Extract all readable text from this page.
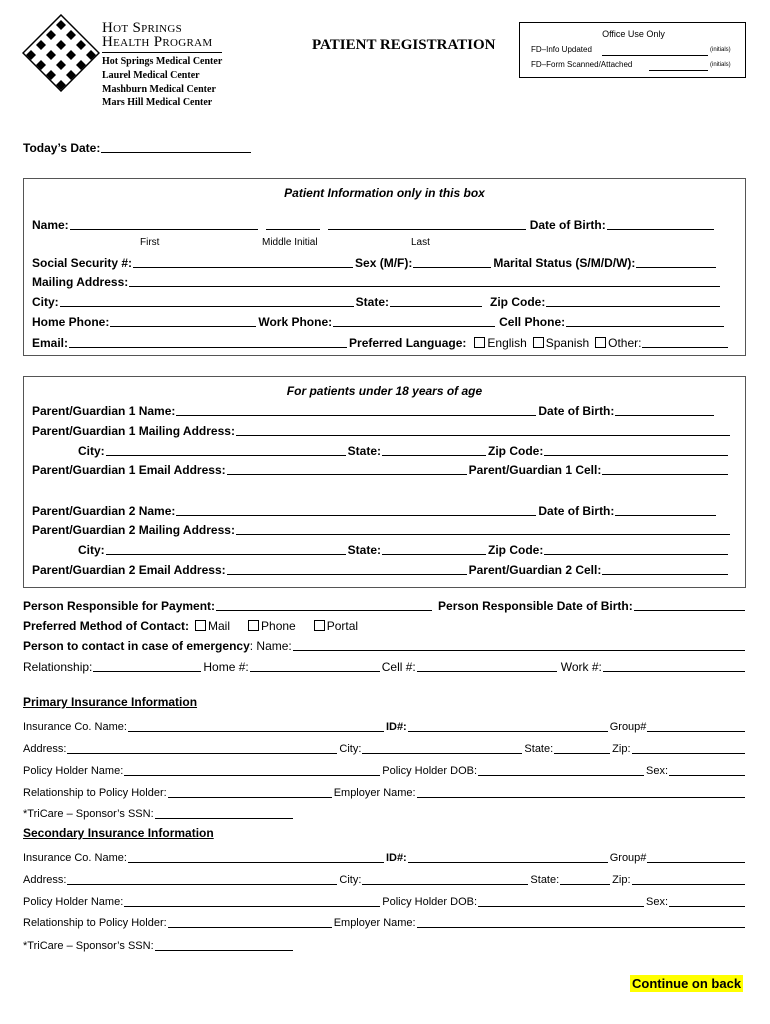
Hot Springs
Health Program
Hot Springs Medical Center
Laurel Medical Center
Mashburn Medical Center
Mars Hill Medical Center
PATIENT REGISTRATION
Office Use Only
FD–Info Updated	(initials)
FD–Form Scanned/Attached	(initials)
Today’s Date:
Patient Information only in this box
Name:	Date of Birth:
First	Middle Initial	Last
Social Security #:	Sex (M/F):	Marital Status (S/M/D/W):
Mailing Address:
City:	State:	Zip Code:
Home Phone:	Work Phone:	Cell Phone:
Email:	Preferred Language:	English	Spanish	Other:
For patients under 18 years of age
Parent/Guardian 1 Name:	Date of Birth:
Parent/Guardian 1 Mailing Address:
City:	State:	Zip Code:
Parent/Guardian 1 Email Address:	Parent/Guardian 1 Cell:
Parent/Guardian 2 Name:	Date of Birth:
Parent/Guardian 2 Mailing Address:
City:	State:	Zip Code:
Parent/Guardian 2 Email Address:	Parent/Guardian 2 Cell:
Person Responsible for Payment:	Person Responsible Date of Birth:
Preferred Method of Contact:	Mail	Phone	Portal
Person to contact in case of emergency : Name:
Relationship:	Home #:	Cell #:	Work #:
Primary Insurance Information
Insurance Co. Name:	ID#:	Group#
Address:	City:	State:	Zip:
Policy Holder Name:	Policy Holder DOB:	Sex:
Relationship to Policy Holder:	Employer Name:
*TriCare – Sponsor’s SSN:
Secondary Insurance Information
Insurance Co. Name:	ID#:	Group#
Address:	City:	State:	Zip:
Policy Holder Name:	Policy Holder DOB:	Sex:
Relationship to Policy Holder:	Employer Name:
*TriCare – Sponsor’s SSN:
Continue on back
